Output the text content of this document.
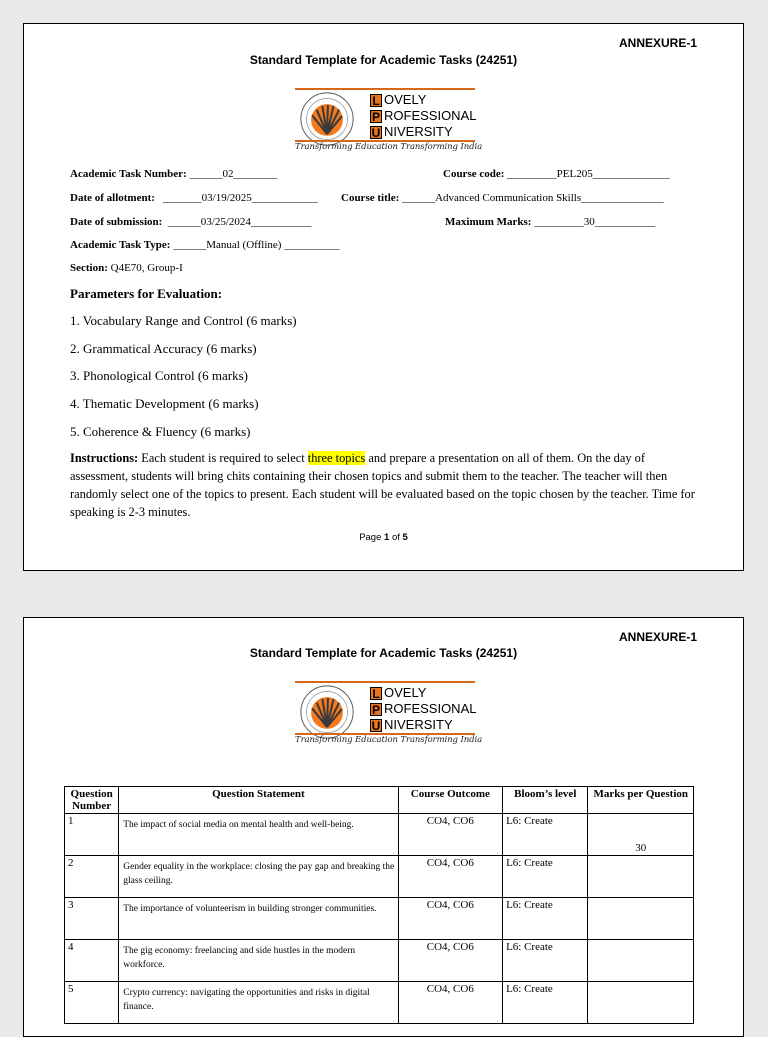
ANNEXURE-1
Standard Template for Academic Tasks (24251)
L OVELY
P ROFESSIONAL
U NIVERSITY
Transforming Education Transforming India
Academic Task Number: ______02________	Course code: _________PEL205______________
Date of allotment: _______03/19/2025____________ Course title: ______Advanced Communication Skills_______________
Date of submission: ______03/25/2024___________	Maximum Marks: _________30___________
Academic Task Type: ______Manual (Offline) __________
Section: Q4E70, Group-I
Parameters for Evaluation:
1. Vocabulary Range and Control (6 marks)
2. Grammatical Accuracy (6 marks)
3. Phonological Control (6 marks)
4. Thematic Development (6 marks)
5. Coherence & Fluency (6 marks)
Instructions: Each student is required to select three topics and prepare a presentation on all of them. On the day of assessment, students will bring chits containing their chosen topics and submit them to the teacher. The teacher will then randomly select one of the topics to present. Each student will be evaluated based on the topic chosen by the teacher. Time for speaking is 2-3 minutes.
Page 1 of 5
ANNEXURE-1
Standard Template for Academic Tasks (24251)
L OVELY
P ROFESSIONAL
U NIVERSITY
Transforming Education Transforming India
Question Number	Question Statement	Course Outcome	Bloom’s level	Marks per Question
1	The impact of social media on mental health and well-being.	CO4, CO6	L6: Create	30
2	Gender equality in the workplace: closing the pay gap and breaking the glass ceiling.	CO4, CO6	L6: Create	
3	The importance of volunteerism in building stronger communities.	CO4, CO6	L6: Create	
4	The gig economy: freelancing and side hustles in the modern workforce.	CO4, CO6	L6: Create	
5	Crypto currency: navigating the opportunities and risks in digital finance.	CO4, CO6	L6: Create	
